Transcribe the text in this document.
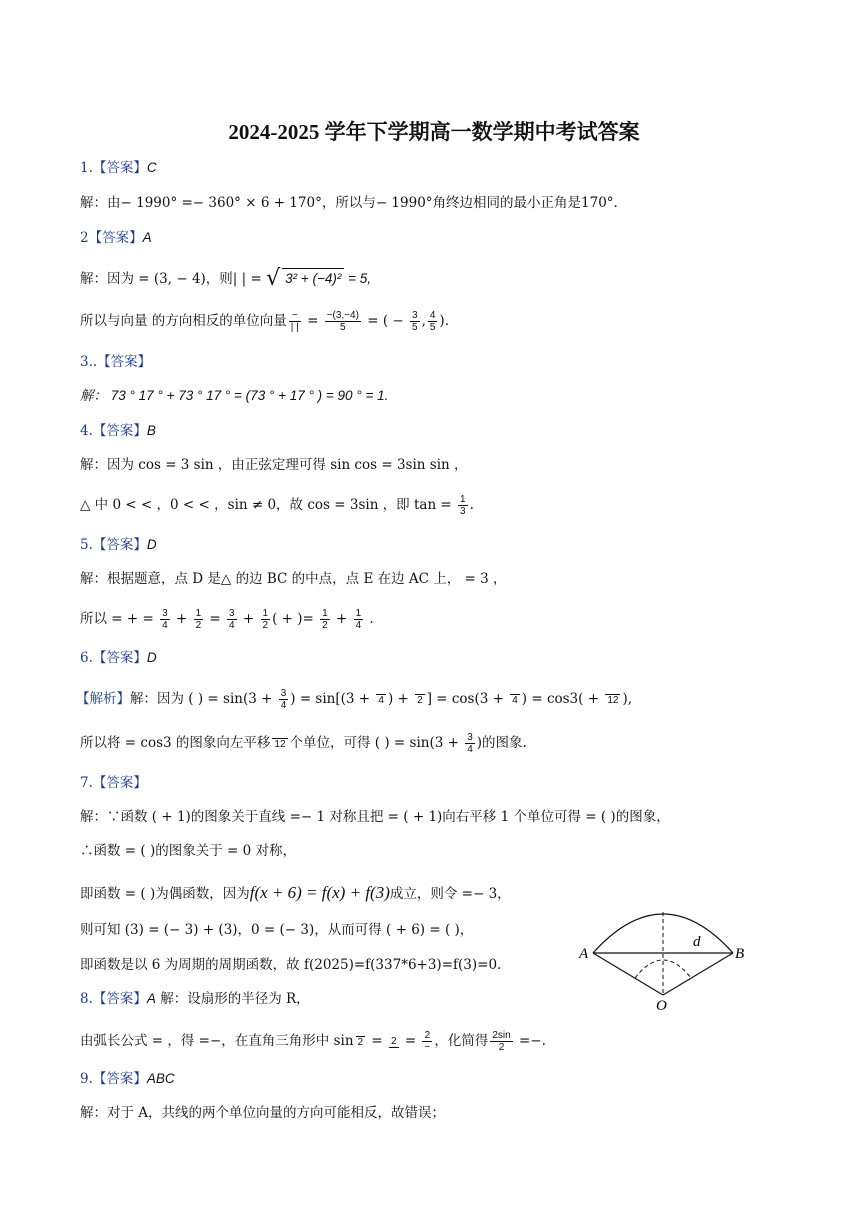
2024-2025 学年下学期高一数学期中考试答案
1.【答案】C
解：由− 1990° =− 360° × 6 + 170°，所以与− 1990°角终边相同的最小正角是170°.
2【答案】A
解：因为 = (3, − 4)，则| | = √ 3² + (−4)² = 5,
所以与向量 的方向相反的单位向量 $\frac{-}{| |} = \frac{-(3,-4)}{5}$ = ( − $\frac{3}{5}$ , $\frac{4}{5}$ ).
3..【答案】
解： 73 ° 17 ° + 73 ° 17 ° = (73 ° + 17 ° ) = 90 ° = 1.
4.【答案】B
解：因为 cos = 3 sin ，由正弦定理可得 sin cos = 3sin sin ，
△ 中 0 < < ，0 < < ，sin ≠ 0，故 cos = 3sin ，即 $\tan = \frac{1}{3}$ .
5.【答案】D
解：根据题意，点 D 是△ 的边 BC 的中点，点 E 在边 AC 上， = 3 ，
所以 = + = $\frac{3}{4} + \frac{1}{2} = \frac{3}{4} + \frac{1}{2}$ ( + )= $\frac{1}{2} + \frac{1}{4}$ .
6.【答案】D
【解析】解：因为 ( ) = $\sin(3 + \frac{3}{4}$ ) = sin[(3 + 4 ) + 2 ] = cos(3 + 4 ) = cos3( + 12 ),
所以将 = cos3 的图象向左平移 12 个单位，可得 ( ) = $\sin(3 + \frac{3}{4}$ )的图象.
7.【答案】
解：∵函数 ( + 1)的图象关于直线 =− 1 对称且把 = ( + 1)向右平移 1 个单位可得 = ( )的图象，
∴函数 = ( )的图象关于 = 0 对称，
即函数 = ( )为偶函数，因为f(x + 6) = f(x) + f(3)成立，则令 =− 3，
则可知 (3) = (− 3) + (3)，0 = (− 3)，从而可得 ( + 6) = ( )，
即函数是以 6 为周期的周期函数，故 f(2025)=f(337*6+3)=f(3)=0.
8.【答案】A 解：设扇形的半径为 R，
由弧长公式 = ，得 =−，在直角三角形中 $\sin 2 = 2 = \frac{2}{-}$ ，化简得 $\frac{2\sin}{2}$ =−.
9.【答案】ABC
解：对于 A，共线的两个单位向量的方向可能相反，故错误；
A	B
O
d
